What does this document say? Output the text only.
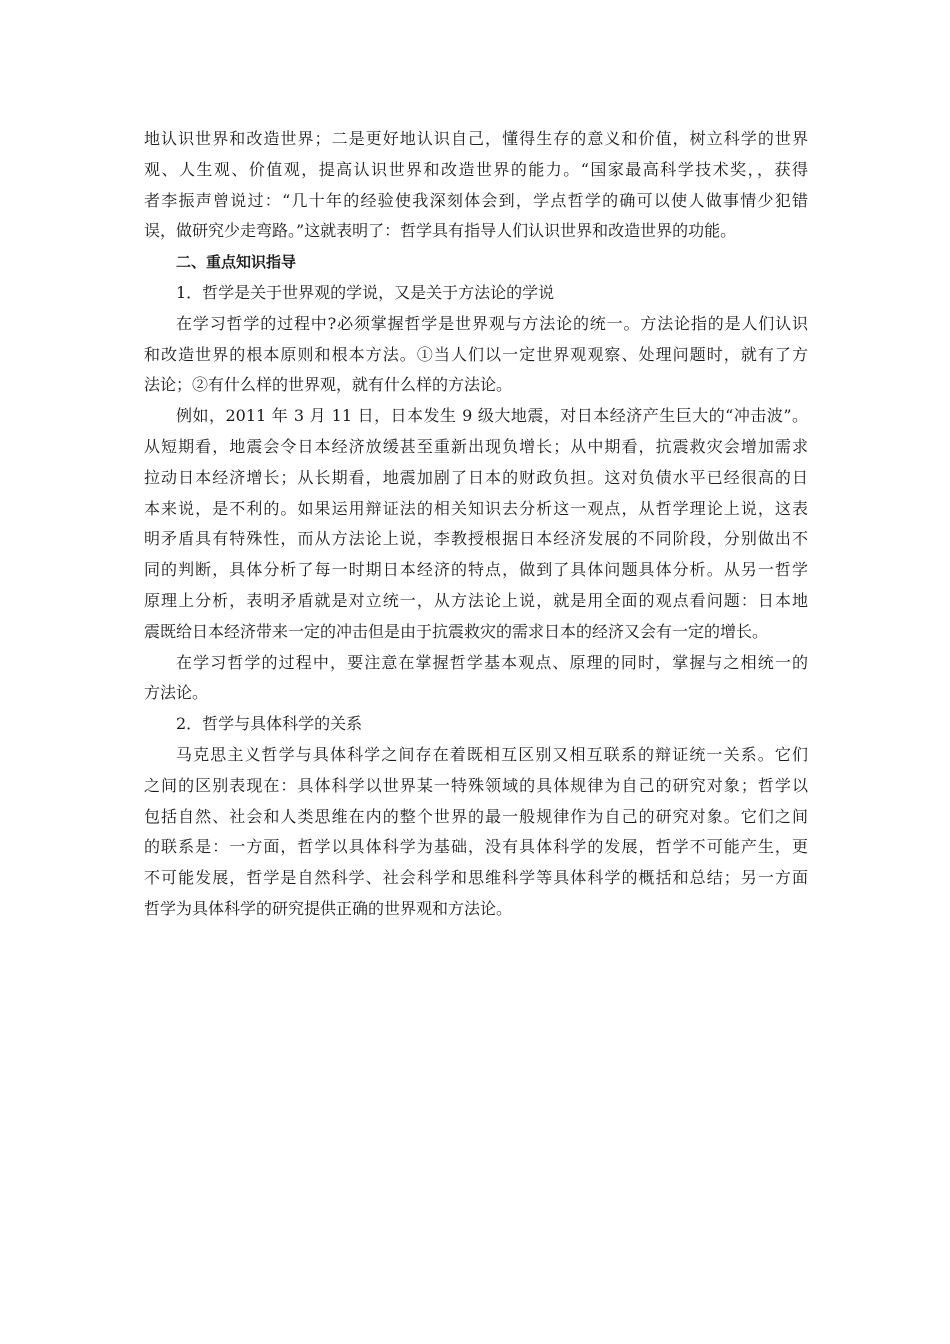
地认识世界和改造世界；二是更好地认识自己，懂得生存的意义和价值，树立科学的世界
观、人生观、价值观，提高认识世界和改造世界的能力。“国家最高科学技术奖，，获得
者李振声曾说过：“几十年的经验使我深刻体会到，学点哲学的确可以使人做事情少犯错
误，做研究少走弯路。”这就表明了：哲学具有指导人们认识世界和改造世界的功能。
二、重点知识指导
1．哲学是关于世界观的学说，又是关于方法论的学说
在学习哲学的过程中?必须掌握哲学是世界观与方法论的统一。方法论指的是人们认识
和改造世界的根本原则和根本方法。①当人们以一定世界观观察、处理问题时，就有了方
法论；②有什么样的世界观，就有什么样的方法论。
例如，2011 年 3 月 11 日，日本发生 9 级大地震，对日本经济产生巨大的“冲击波”。
从短期看，地震会令日本经济放缓甚至重新出现负增长；从中期看，抗震救灾会增加需求
拉动日本经济增长；从长期看，地震加剧了日本的财政负担。这对负债水平已经很高的日
本来说，是不利的。如果运用辩证法的相关知识去分析这一观点，从哲学理论上说，这表
明矛盾具有特殊性，而从方法论上说，李教授根据日本经济发展的不同阶段，分别做出不
同的判断，具体分析了每一时期日本经济的特点，做到了具体问题具体分析。从另一哲学
原理上分析，表明矛盾就是对立统一，从方法论上说，就是用全面的观点看问题：日本地
震既给日本经济带来一定的冲击但是由于抗震救灾的需求日本的经济又会有一定的增长。
在学习哲学的过程中，要注意在掌握哲学基本观点、原理的同时，掌握与之相统一的
方法论。
2．哲学与具体科学的关系
马克思主义哲学与具体科学之间存在着既相互区别又相互联系的辩证统一关系。它们
之间的区别表现在：具体科学以世界某一特殊领域的具体规律为自己的研究对象；哲学以
包括自然、社会和人类思维在内的整个世界的最一般规律作为自己的研究对象。它们之间
的联系是：一方面，哲学以具体科学为基础，没有具体科学的发展，哲学不可能产生，更
不可能发展，哲学是自然科学、社会科学和思维科学等具体科学的概括和总结；另一方面
哲学为具体科学的研究提供正确的世界观和方法论。
